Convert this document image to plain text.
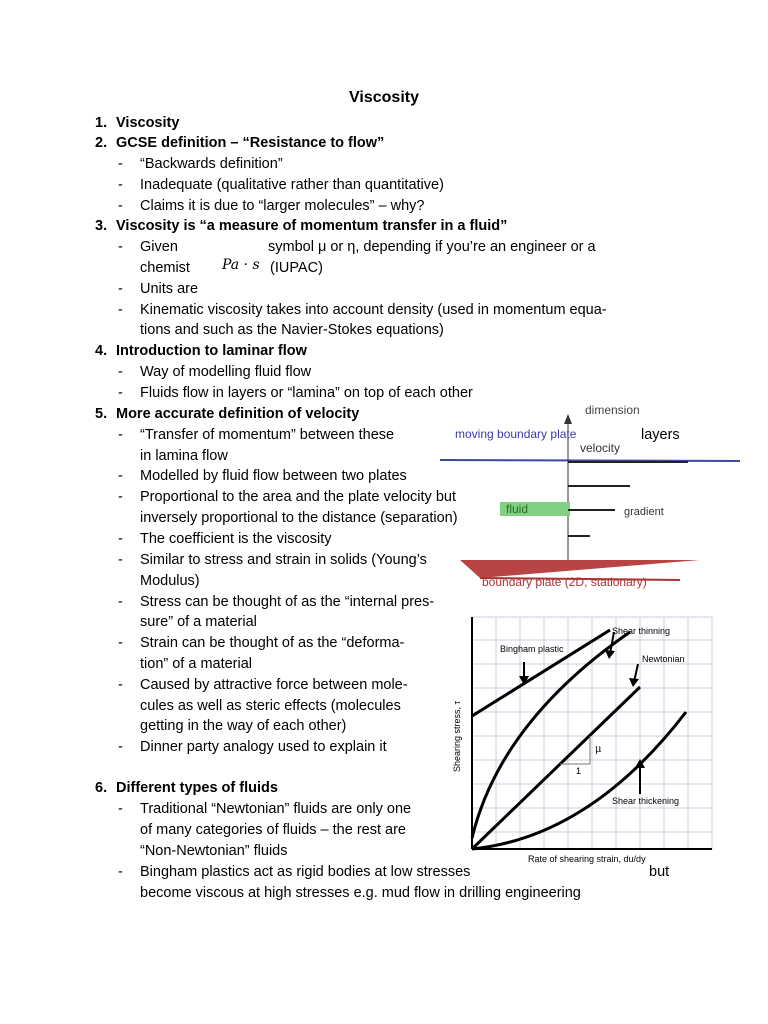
Viscosity
1. Viscosity
2. GCSE definition – “Resistance to flow”
- “Backwards definition”
- Inadequate (qualitative rather than quantitative)
- Claims it is due to “larger molecules” – why?
3. Viscosity is “a measure of momentum transfer in a fluid”
- Given	symbol μ or η, depending if you’re an engineer or a
chemist Pa · s (IUPAC)
- Units are
- Kinematic viscosity takes into account density (used in momentum equa-
tions and such as the Navier-Stokes equations)
4. Introduction to laminar flow
- Way of modelling fluid flow
- Fluids flow in layers or “lamina” on top of each other
5. More accurate definition of velocity
- “Transfer of momentum” between these
in lamina flow
- Modelled by fluid flow between two plates
- Proportional to the area and the plate velocity but
inversely proportional to the distance (separation)
- The coefficient is the viscosity
- Similar to stress and strain in solids (Young’s
Modulus)
- Stress can be thought of as the “internal pres-
sure” of a material
- Strain can be thought of as the “deforma-
tion” of a material
- Caused by attractive force between mole-
cules as well as steric effects (molecules
getting in the way of each other)
- Dinner party analogy used to explain it
dimension
moving boundary plate
velocity
fluid	gradient
boundary plate (2D, stationary)
layers
Bingham plastic
Shear thinning
Newtonian
Shear thickening
μ
1
Rate of shearing strain, du/dy
Shearing stress, τ
6. Different types of fluids
- Traditional “Newtonian” fluids are only one
of many categories of fluids – the rest are
“Non-Newtonian” fluids
- Bingham plastics act as rigid bodies at low stresses	but
become viscous at high stresses e.g. mud flow in drilling engineering
